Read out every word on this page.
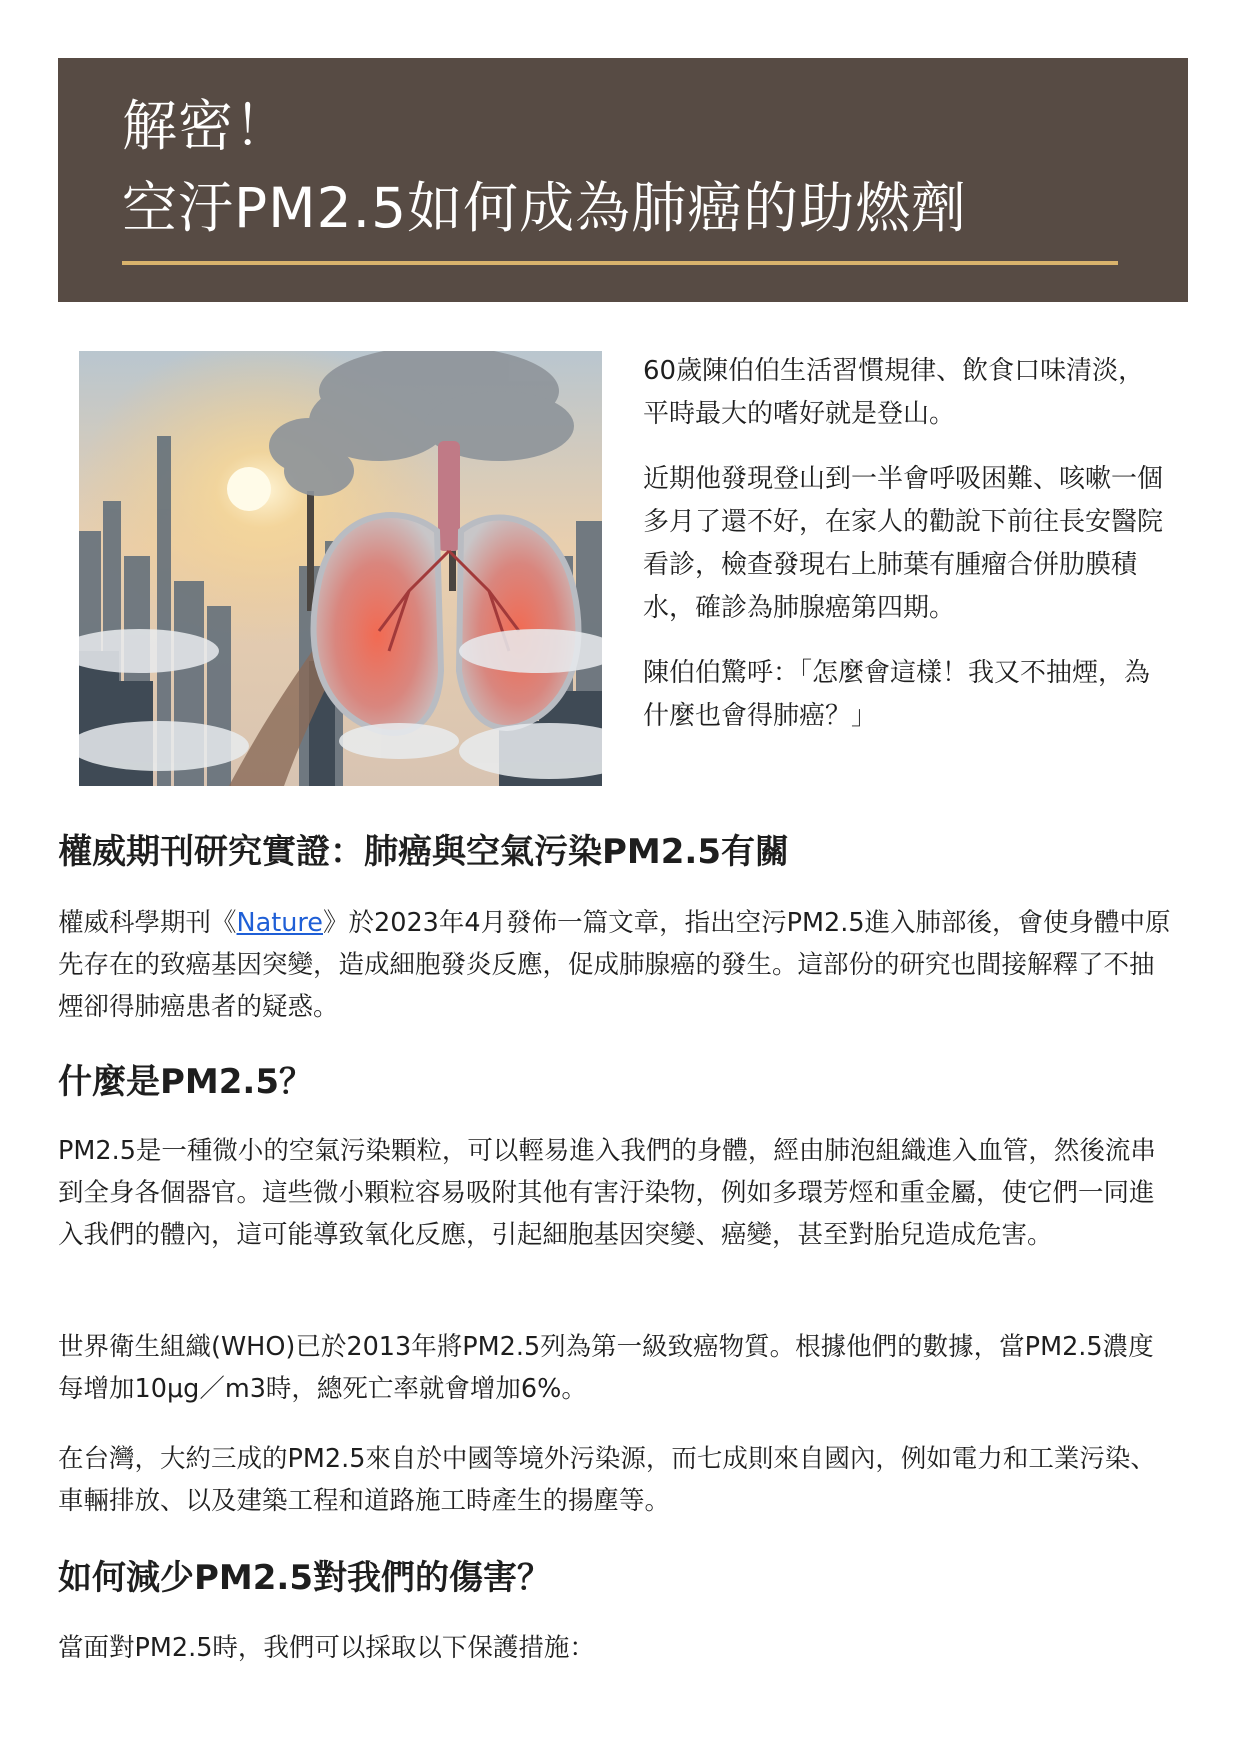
解密！
空汙PM2.5如何成為肺癌的助燃劑

60歲陳伯伯生活習慣規律、飲食口味清淡，平時最大的嗜好就是登山。

近期他發現登山到一半會呼吸困難、咳嗽一個多月了還不好，在家人的勸說下前往長安醫院看診，檢查發現右上肺葉有腫瘤合併肋膜積水，確診為肺腺癌第四期。

陳伯伯驚呼：「怎麼會這樣！我又不抽煙，為什麼也會得肺癌？」

權威期刊研究實證：肺癌與空氣污染PM2.5有關

權威科學期刊《Nature》於2023年4月發佈一篇文章，指出空污PM2.5進入肺部後，會使身體中原先存在的致癌基因突變，造成細胞發炎反應，促成肺腺癌的發生。這部份的研究也間接解釋了不抽煙卻得肺癌患者的疑惑。

什麼是PM2.5？

PM2.5是一種微小的空氣污染顆粒，可以輕易進入我們的身體，經由肺泡組織進入血管，然後流串到全身各個器官。這些微小顆粒容易吸附其他有害汙染物，例如多環芳烴和重金屬，使它們一同進入我們的體內，這可能導致氧化反應，引起細胞基因突變、癌變，甚至對胎兒造成危害。

世界衛生組織(WHO)已於2013年將PM2.5列為第一級致癌物質。根據他們的數據，當PM2.5濃度每增加10μg／m3時，總死亡率就會增加6%。

在台灣，大約三成的PM2.5來自於中國等境外污染源，而七成則來自國內，例如電力和工業污染、車輛排放、以及建築工程和道路施工時產生的揚塵等。

如何減少PM2.5對我們的傷害？

當面對PM2.5時，我們可以採取以下保護措施：
